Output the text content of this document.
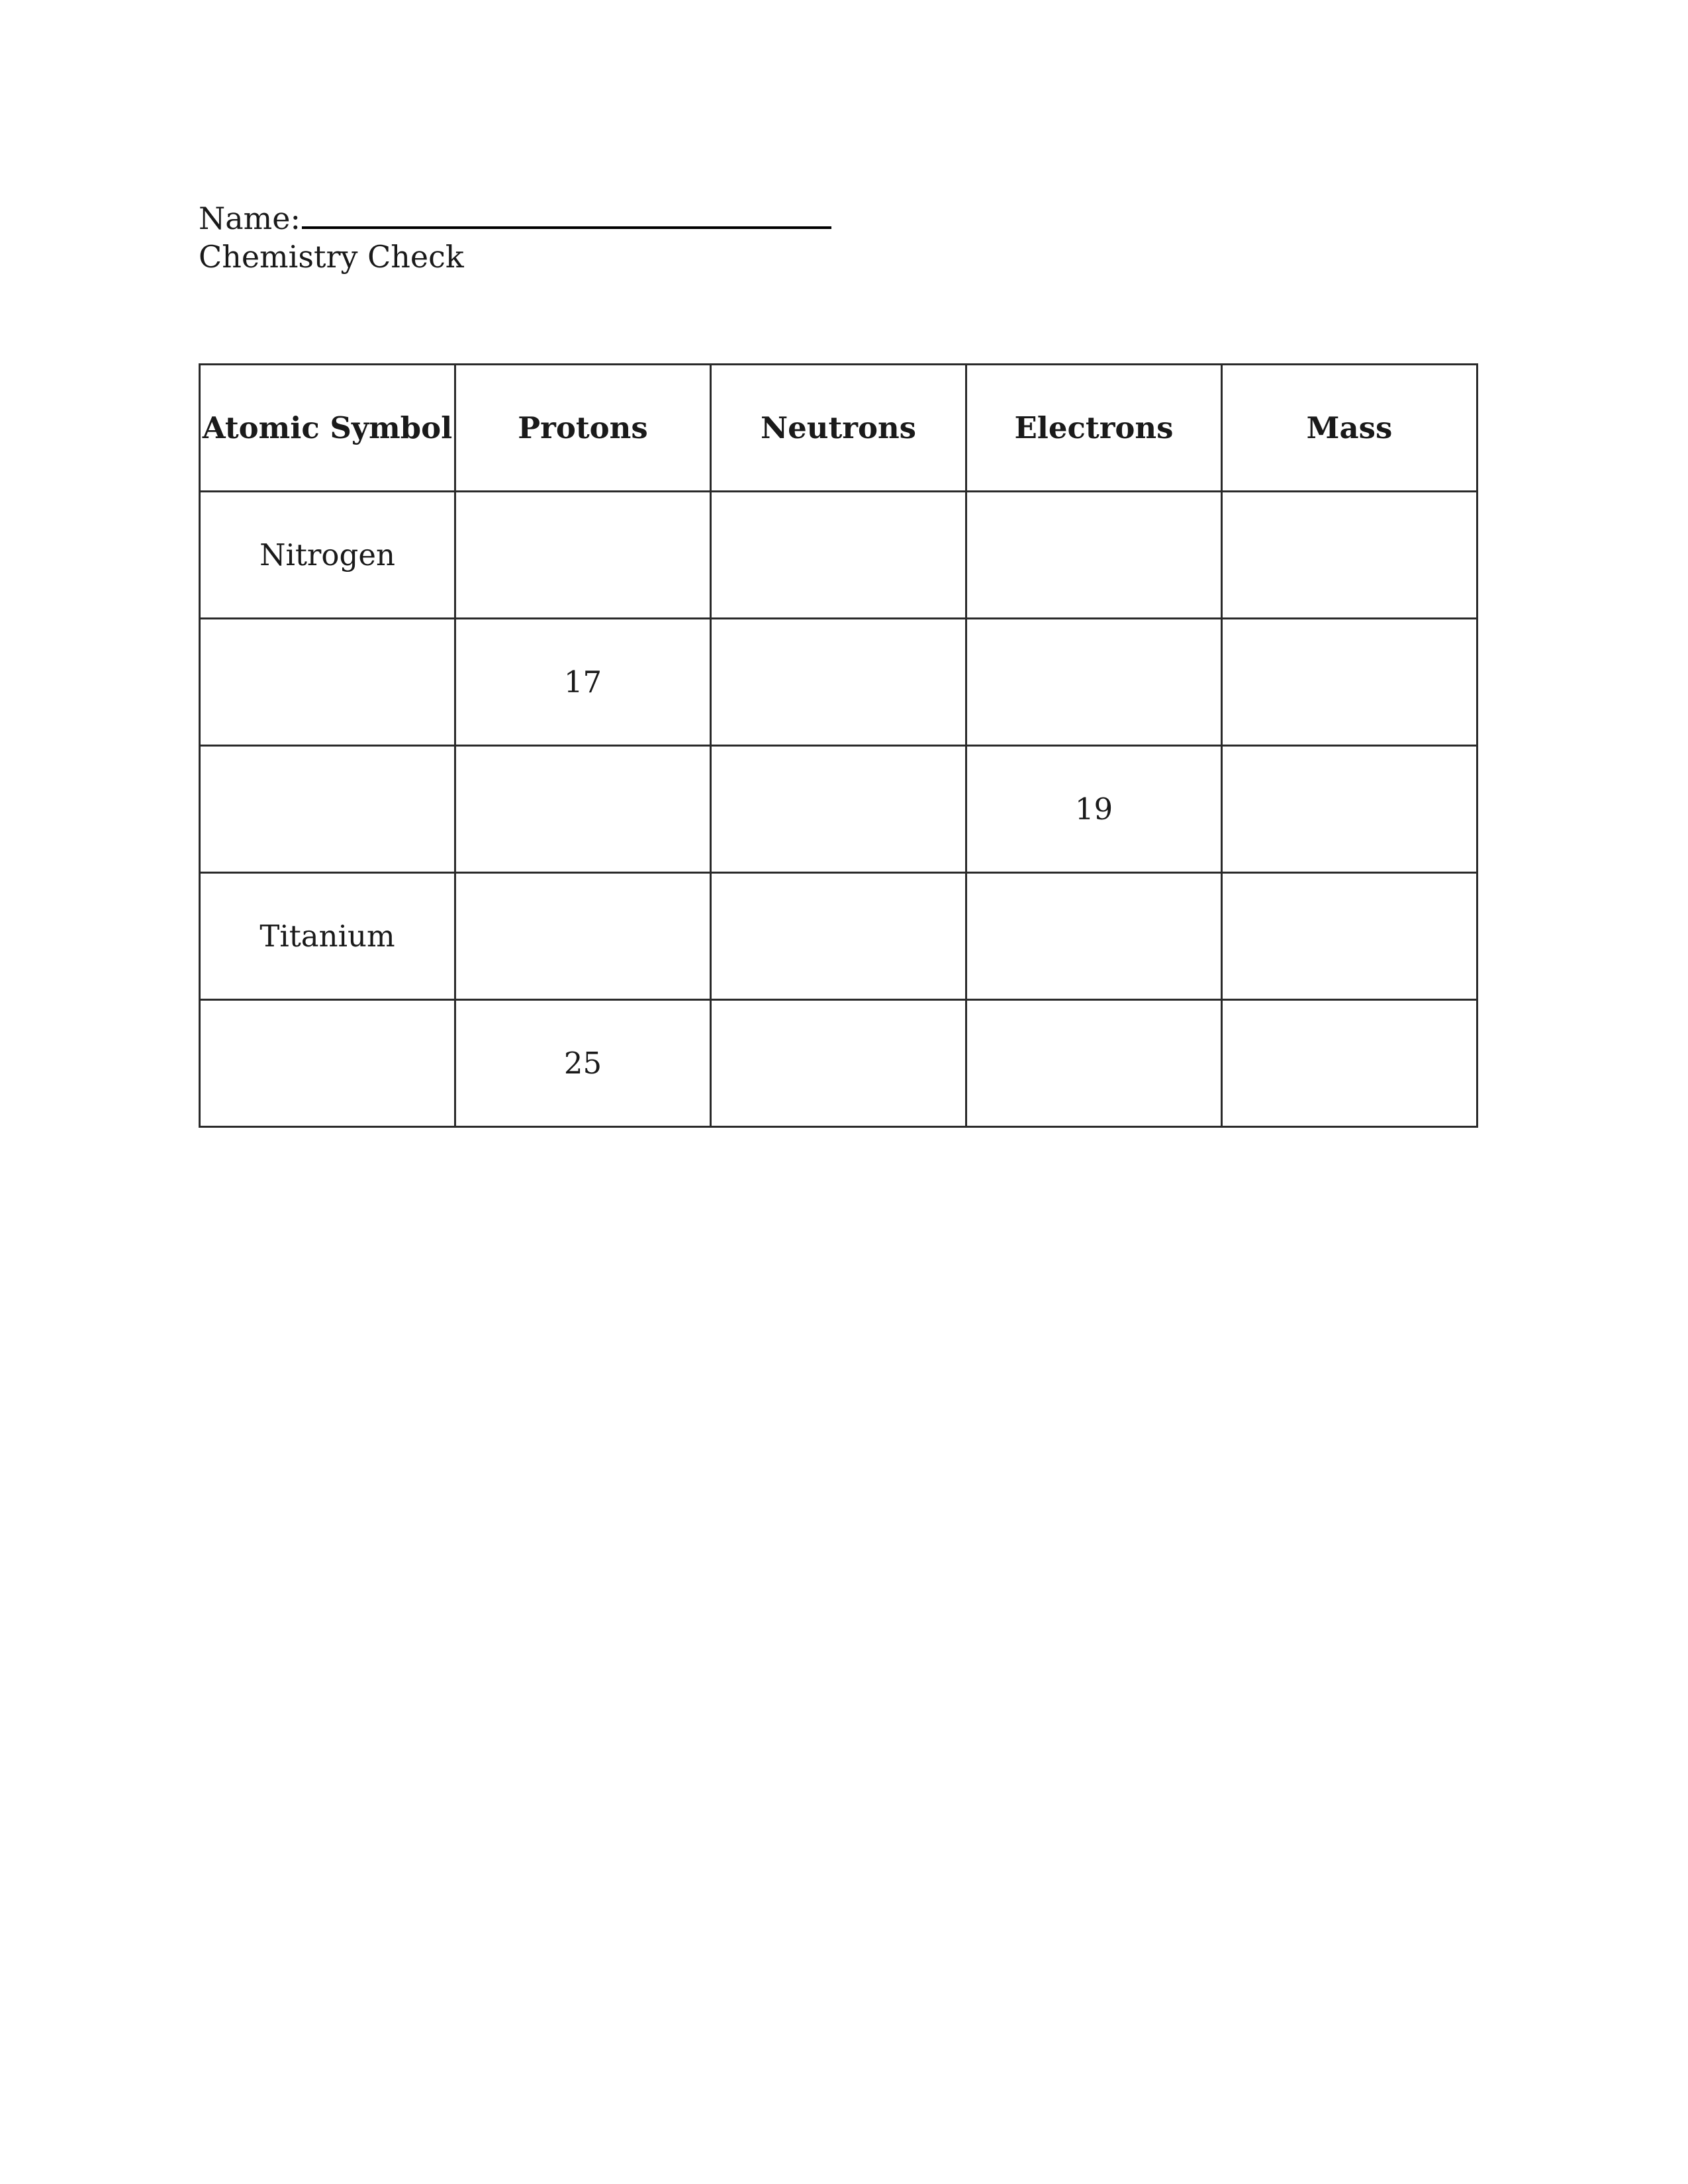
Name:
Chemistry Check
Atomic Symbol	Protons	Neutrons	Electrons	Mass
Nitrogen				
	17			
			19	
Titanium				
	25			
